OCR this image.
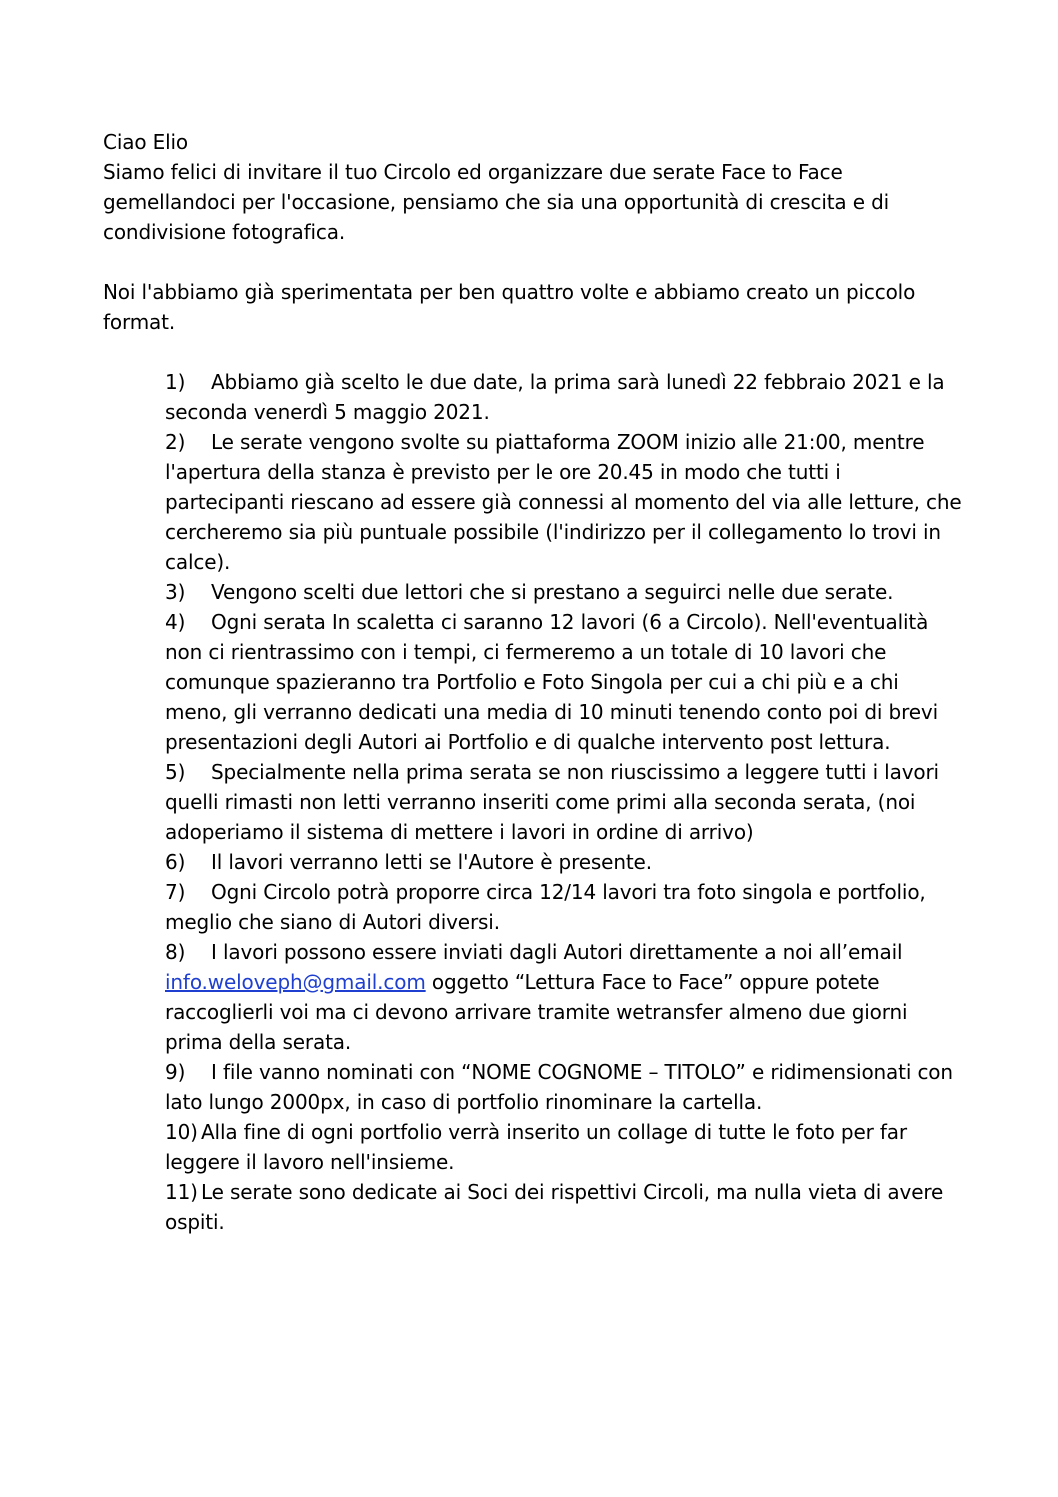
Ciao Elio

Siamo felici di invitare il tuo Circolo ed organizzare due serate Face to Face gemellandoci per l'occasione, pensiamo che sia una opportunità di crescita e di condivisione fotografica.

Noi l'abbiamo già sperimentata per ben quattro volte e abbiamo creato un piccolo format.

1) Abbiamo già scelto le due date, la prima sarà lunedì 22 febbraio 2021 e la seconda venerdì 5 maggio 2021.
2) Le serate vengono svolte su piattaforma ZOOM inizio alle 21:00, mentre l'apertura della stanza è previsto per le ore 20.45 in modo che tutti i partecipanti riescano ad essere già connessi al momento del via alle letture, che cercheremo sia più puntuale possibile (l'indirizzo per il collegamento lo trovi in calce).
3) Vengono scelti due lettori che si prestano a seguirci nelle due serate.
4) Ogni serata In scaletta ci saranno 12 lavori (6 a Circolo). Nell'eventualità non ci rientrassimo con i tempi, ci fermeremo a un totale di 10 lavori che comunque spazieranno tra Portfolio e Foto Singola per cui a chi più e a chi meno, gli verranno dedicati una media di 10 minuti tenendo conto poi di brevi presentazioni degli Autori ai Portfolio e di qualche intervento post lettura.
5) Specialmente nella prima serata se non riuscissimo a leggere tutti i lavori quelli rimasti non letti verranno inseriti come primi alla seconda serata, (noi adoperiamo il sistema di mettere i lavori in ordine di arrivo)
6) Il lavori verranno letti se l'Autore è presente.
7) Ogni Circolo potrà proporre circa 12/14 lavori tra foto singola e portfolio, meglio che siano di Autori diversi.
8) I lavori possono essere inviati dagli Autori direttamente a noi all’email info.weloveph@gmail.com oggetto “Lettura Face to Face” oppure potete raccoglierli voi ma ci devono arrivare tramite wetransfer almeno due giorni prima della serata.
9) I file vanno nominati con “NOME COGNOME – TITOLO” e ridimensionati con lato lungo 2000px, in caso di portfolio rinominare la cartella.
10) Alla fine di ogni portfolio verrà inserito un collage di tutte le foto per far leggere il lavoro nell'insieme.
11) Le serate sono dedicate ai Soci dei rispettivi Circoli, ma nulla vieta di avere ospiti.
